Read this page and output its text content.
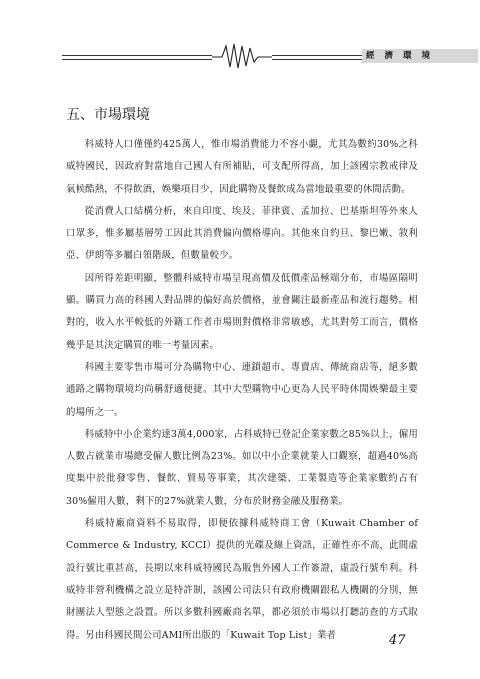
經濟環境
五、市場環境

科威特人口僅僅約425萬人，惟市場消費能力不容小覷，尤其為數約30%之科威特國民，因政府對當地自己國人有所補貼，可支配所得高，加上該國宗教戒律及氣候酷熱，不得飲酒，娛樂項目少，因此購物及餐飲成為當地最重要的休閒活動。

從消費人口結構分析，來自印度、埃及、菲律賓、孟加拉、巴基斯坦等外來人口眾多，惟多屬基層勞工因此其消費偏向價格導向。其他來自約旦、黎巴嫩、敘利亞、伊朗等多屬白領階級，但數量較少。

因所得差距明顯，整體科威特市場呈現高價及低價產品極端分布，市場區隔明顯。購買力高的科國人對品牌的偏好高於價格，並會關注最新產品和流行趨勢。相對的，收入水平較低的外籍工作者市場則對價格非常敏感，尤其對勞工而言，價格幾乎是其決定購買的唯一考量因素。

科國主要零售市場可分為購物中心、連鎖超市、專賣店、傳統商店等，絕多數通路之購物環境均尚稱舒適便捷。其中大型購物中心更為人民平時休閒娛樂最主要的場所之一。

科威特中小企業約達3萬4,000家，占科威特已登記企業家數之85%以上，僱用人數占就業市場總受僱人數比例為23%。如以中小企業就業人口觀察，超過40%高度集中於批發零售、餐飲、貿易等事業，其次建築、工業製造等企業家數約占有30%僱用人數，剩下的27%就業人數，分布於財務金融及服務業。

科威特廠商資料不易取得，即便依據科威特商工會（Kuwait Chamber of Commerce & Industry, KCCI）提供的光碟及線上資訊，正確性亦不高，此間虛設行號比重甚高，長期以來科威特國民為販售外國人工作簽證，虛設行號牟利。科威特非營利機構之設立是特許制，該國公司法只有政府機關跟私人機關的分別，無財團法人型態之設置。所以多數科國廠商名單，都必須於市場以打聽訪查的方式取得。另由科國民間公司AMI所出版的「Kuwait Top List」業者	47
